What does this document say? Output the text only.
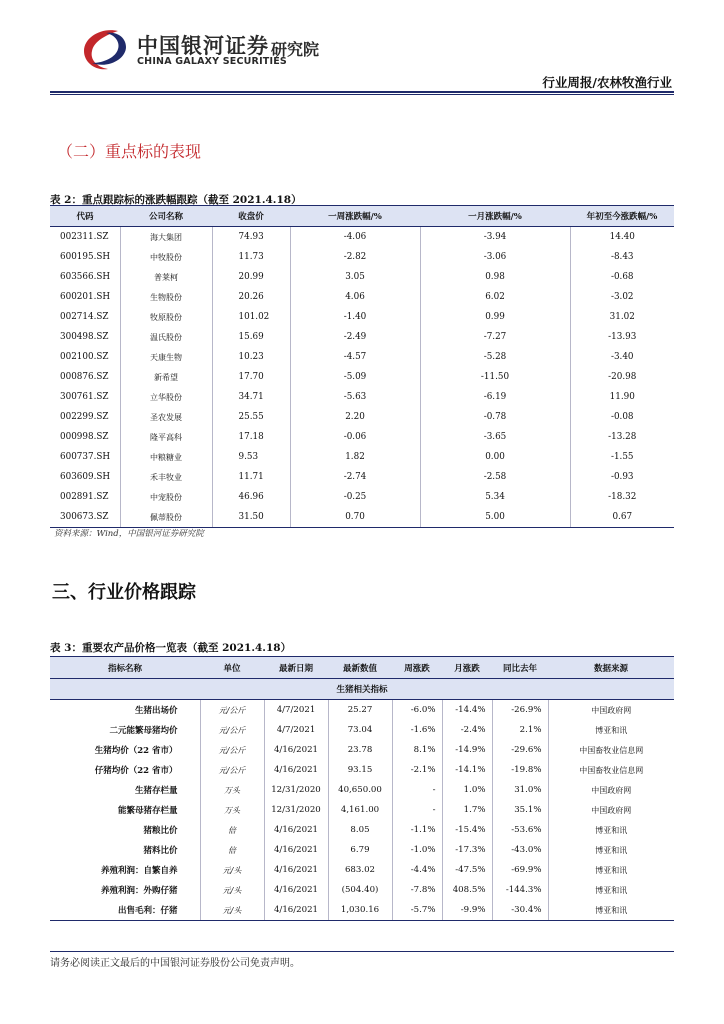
中国银河证券 研究院
CHINA GALAXY SECURITIES
行业周报/农林牧渔行业
（二）重点标的表现
表 2：重点跟踪标的涨跌幅跟踪（截至 2021.4.18）
代码	公司名称	收盘价	一周涨跌幅/%	一月涨跌幅/%	年初至今涨跌幅/%
002311.SZ	海大集团	74.93	-4.06	-3.94	14.40
600195.SH	中牧股份	11.73	-2.82	-3.06	-8.43
603566.SH	普莱柯	20.99	3.05	0.98	-0.68
600201.SH	生物股份	20.26	4.06	6.02	-3.02
002714.SZ	牧原股份	101.02	-1.40	0.99	31.02
300498.SZ	温氏股份	15.69	-2.49	-7.27	-13.93
002100.SZ	天康生物	10.23	-4.57	-5.28	-3.40
000876.SZ	新希望	17.70	-5.09	-11.50	-20.98
300761.SZ	立华股份	34.71	-5.63	-6.19	11.90
002299.SZ	圣农发展	25.55	2.20	-0.78	-0.08
000998.SZ	隆平高科	17.18	-0.06	-3.65	-13.28
600737.SH	中粮糖业	9.53	1.82	0.00	-1.55
603609.SH	禾丰牧业	11.71	-2.74	-2.58	-0.93
002891.SZ	中宠股份	46.96	-0.25	5.34	-18.32
300673.SZ	佩蒂股份	31.50	0.70	5.00	0.67
资料来源：Wind，中国银河证券研究院
三、行业价格跟踪
表 3：重要农产品价格一览表（截至 2021.4.18）
指标名称	单位	最新日期	最新数值	周涨跌	月涨跌	同比去年	数据来源
生猪相关指标							
生猪出场价	元/公斤	4/7/2021	25.27	-6.0%	-14.4%	-26.9%	中国政府网
二元能繁母猪均价	元/公斤	4/7/2021	73.04	-1.6%	-2.4%	2.1%	博亚和讯
生猪均价（22 省市）	元/公斤	4/16/2021	23.78	8.1%	-14.9%	-29.6%	中国畜牧业信息网
仔猪均价（22 省市）	元/公斤	4/16/2021	93.15	-2.1%	-14.1%	-19.8%	中国畜牧业信息网
生猪存栏量	万头	12/31/2020	40,650.00	-	1.0%	31.0%	中国政府网
能繁母猪存栏量	万头	12/31/2020	4,161.00	-	1.7%	35.1%	中国政府网
猪粮比价	倍	4/16/2021	8.05	-1.1%	-15.4%	-53.6%	博亚和讯
猪料比价	倍	4/16/2021	6.79	-1.0%	-17.3%	-43.0%	博亚和讯
养殖利润：自繁自养	元/头	4/16/2021	683.02	-4.4%	-47.5%	-69.9%	博亚和讯
养殖利润：外购仔猪	元/头	4/16/2021	(504.40)	-7.8%	408.5%	-144.3%	博亚和讯
出售毛利：仔猪	元/头	4/16/2021	1,030.16	-5.7%	-9.9%	-30.4%	博亚和讯
请务必阅读正文最后的中国银河证券股份公司免责声明。
